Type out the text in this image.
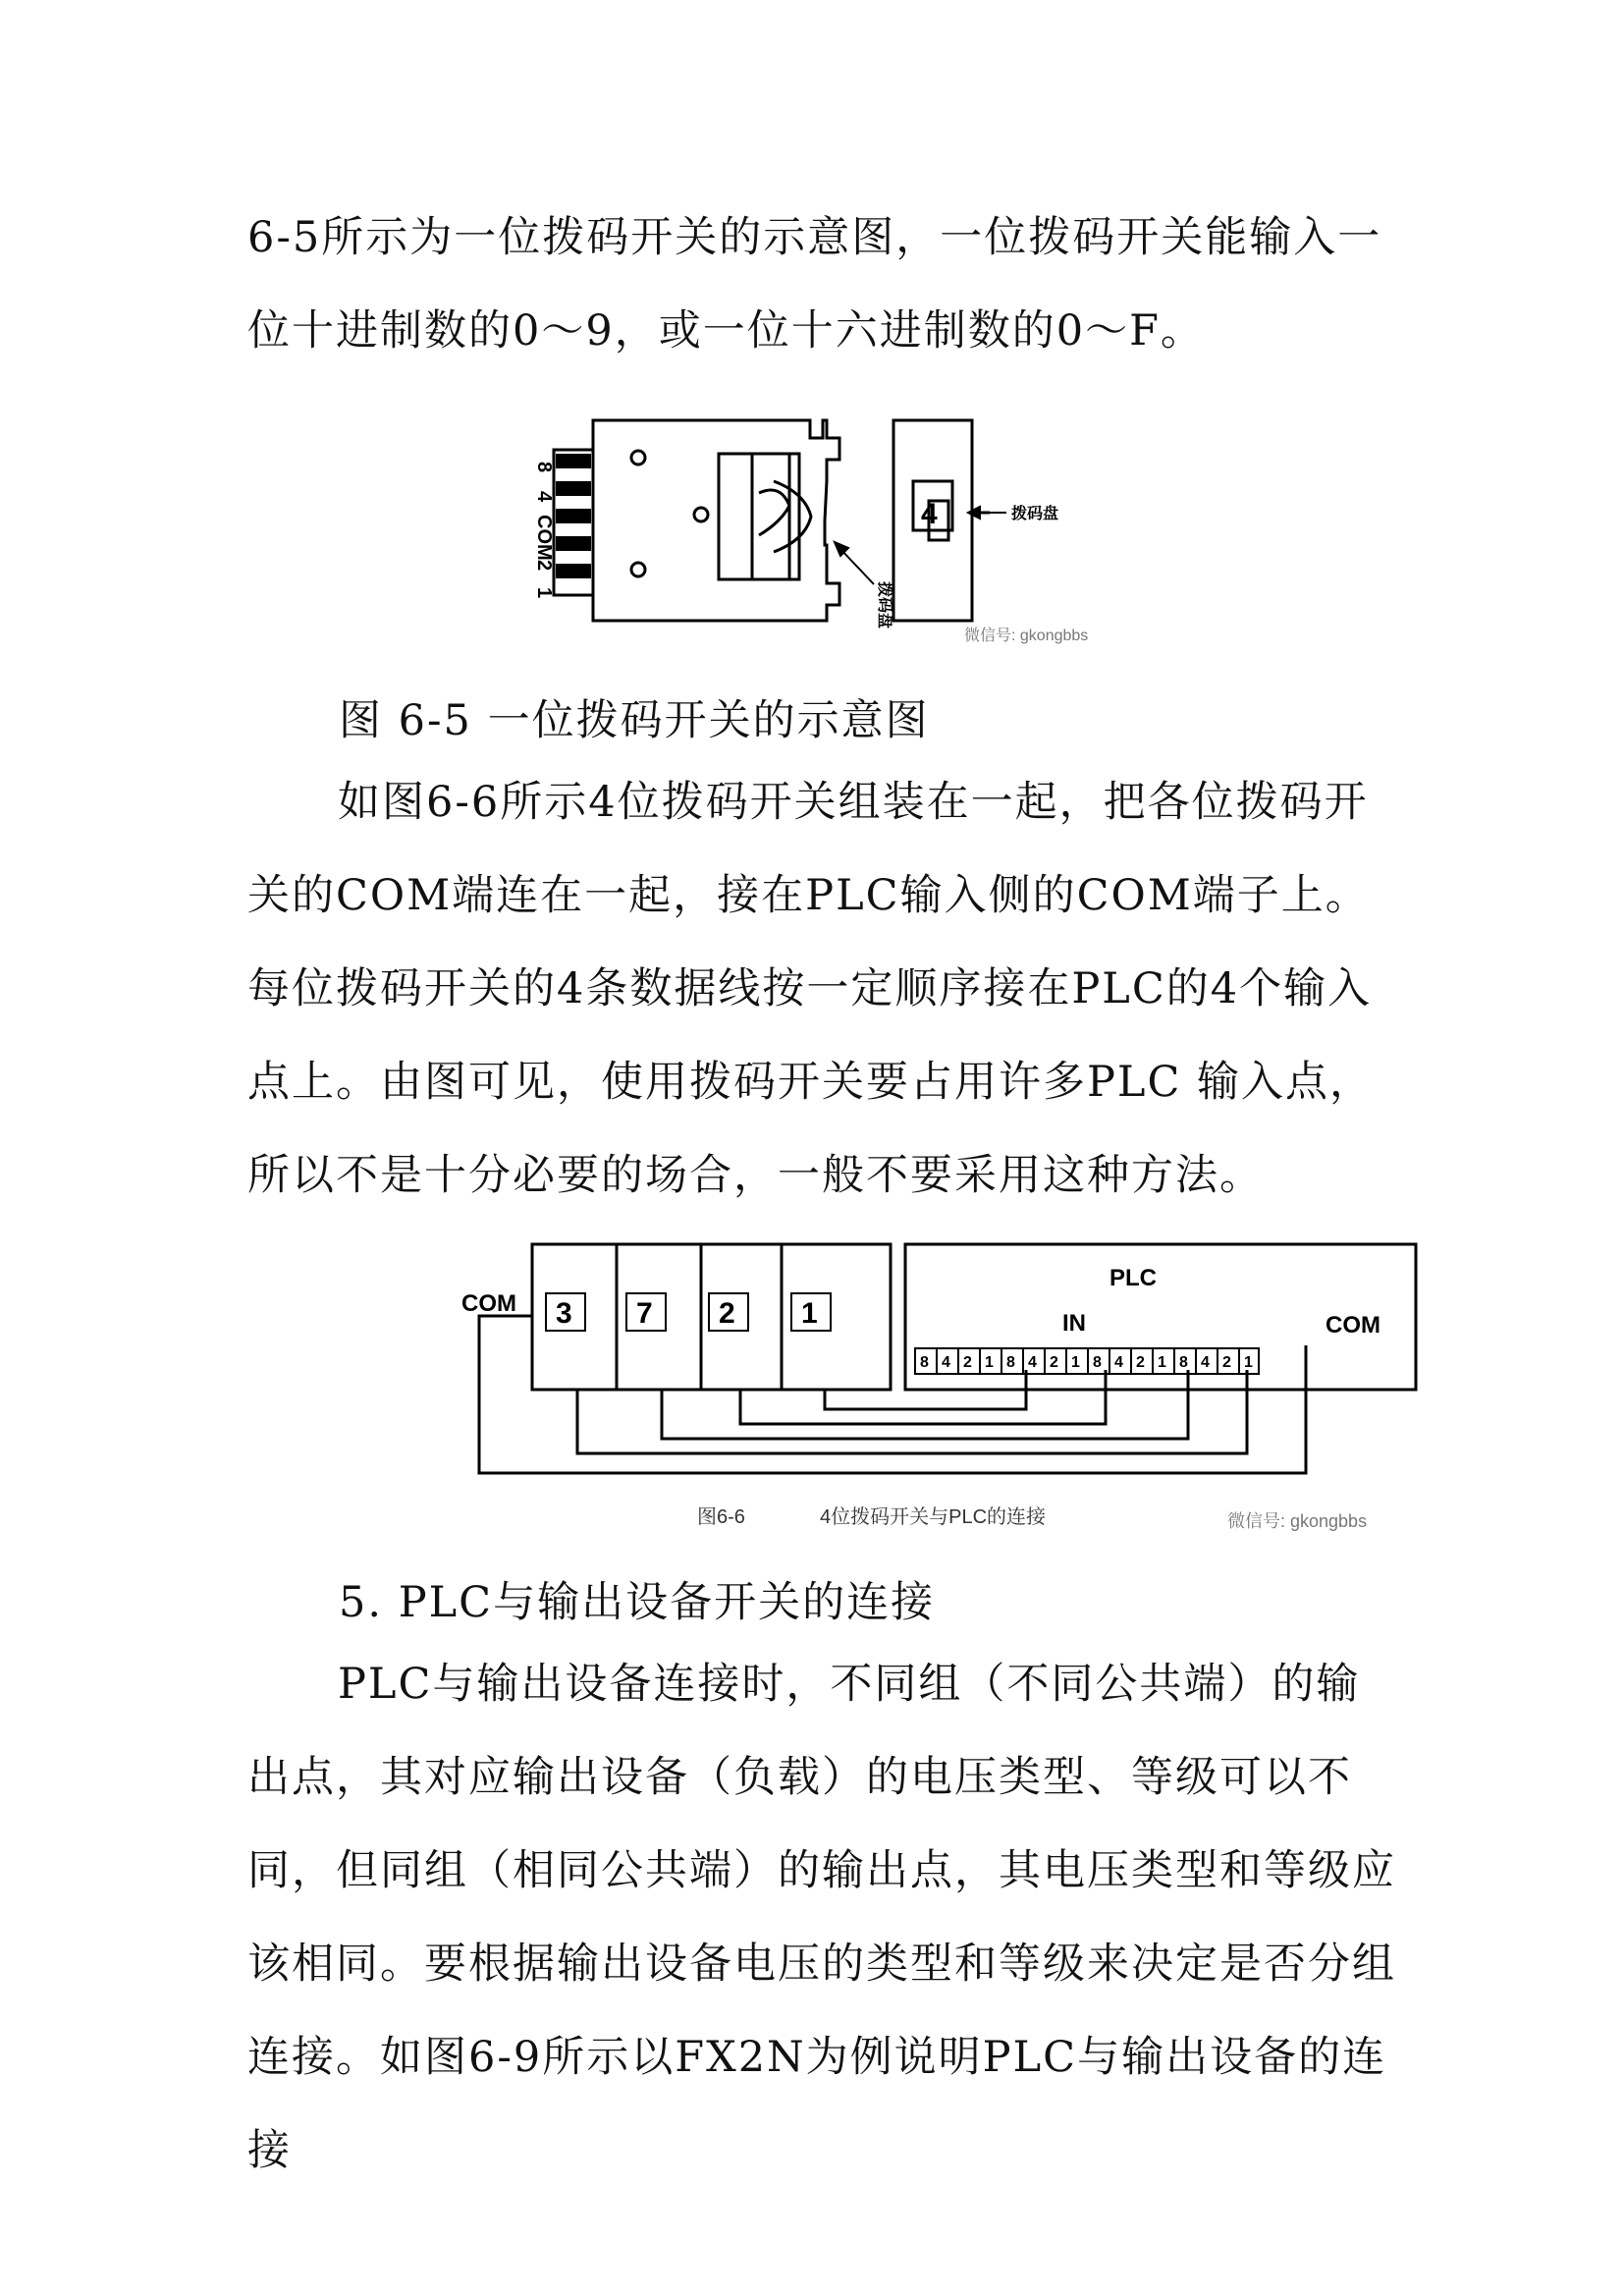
6-5所示为一位拨码开关的示意图，一位拨码开关能输入一位十进制数的0～9，或一位十六进制数的0～F。

8
4
COM
2
1	拨码盘
拨码盘
4
微信号: gkongbbs
图 6-5 一位拨码开关的示意图

如图6-6所示4位拨码开关组装在一起，把各位拨码开关的COM端连在一起，接在PLC输入侧的COM端子上。每位拨码开关的4条数据线按一定顺序接在PLC的4个输入点上。由图可见，使用拨码开关要占用许多PLC 输入点，所以不是十分必要的场合，一般不要采用这种方法。

3 7 2 1
8 4 2 1 8 4 2 1 8 4 2 1 8 4 2 1
COM
PLC
IN	COM
图6-6	4位拨码开关与PLC的连接	微信号: gkongbbs
5. PLC与输出设备开关的连接

PLC与输出设备连接时，不同组（不同公共端）的输出点，其对应输出设备（负载）的电压类型、等级可以不同，但同组（相同公共端）的输出点，其电压类型和等级应该相同。要根据输出设备电压的类型和等级来决定是否分组连接。如图6-9所示以FX2N为例说明PLC与输出设备的连接
